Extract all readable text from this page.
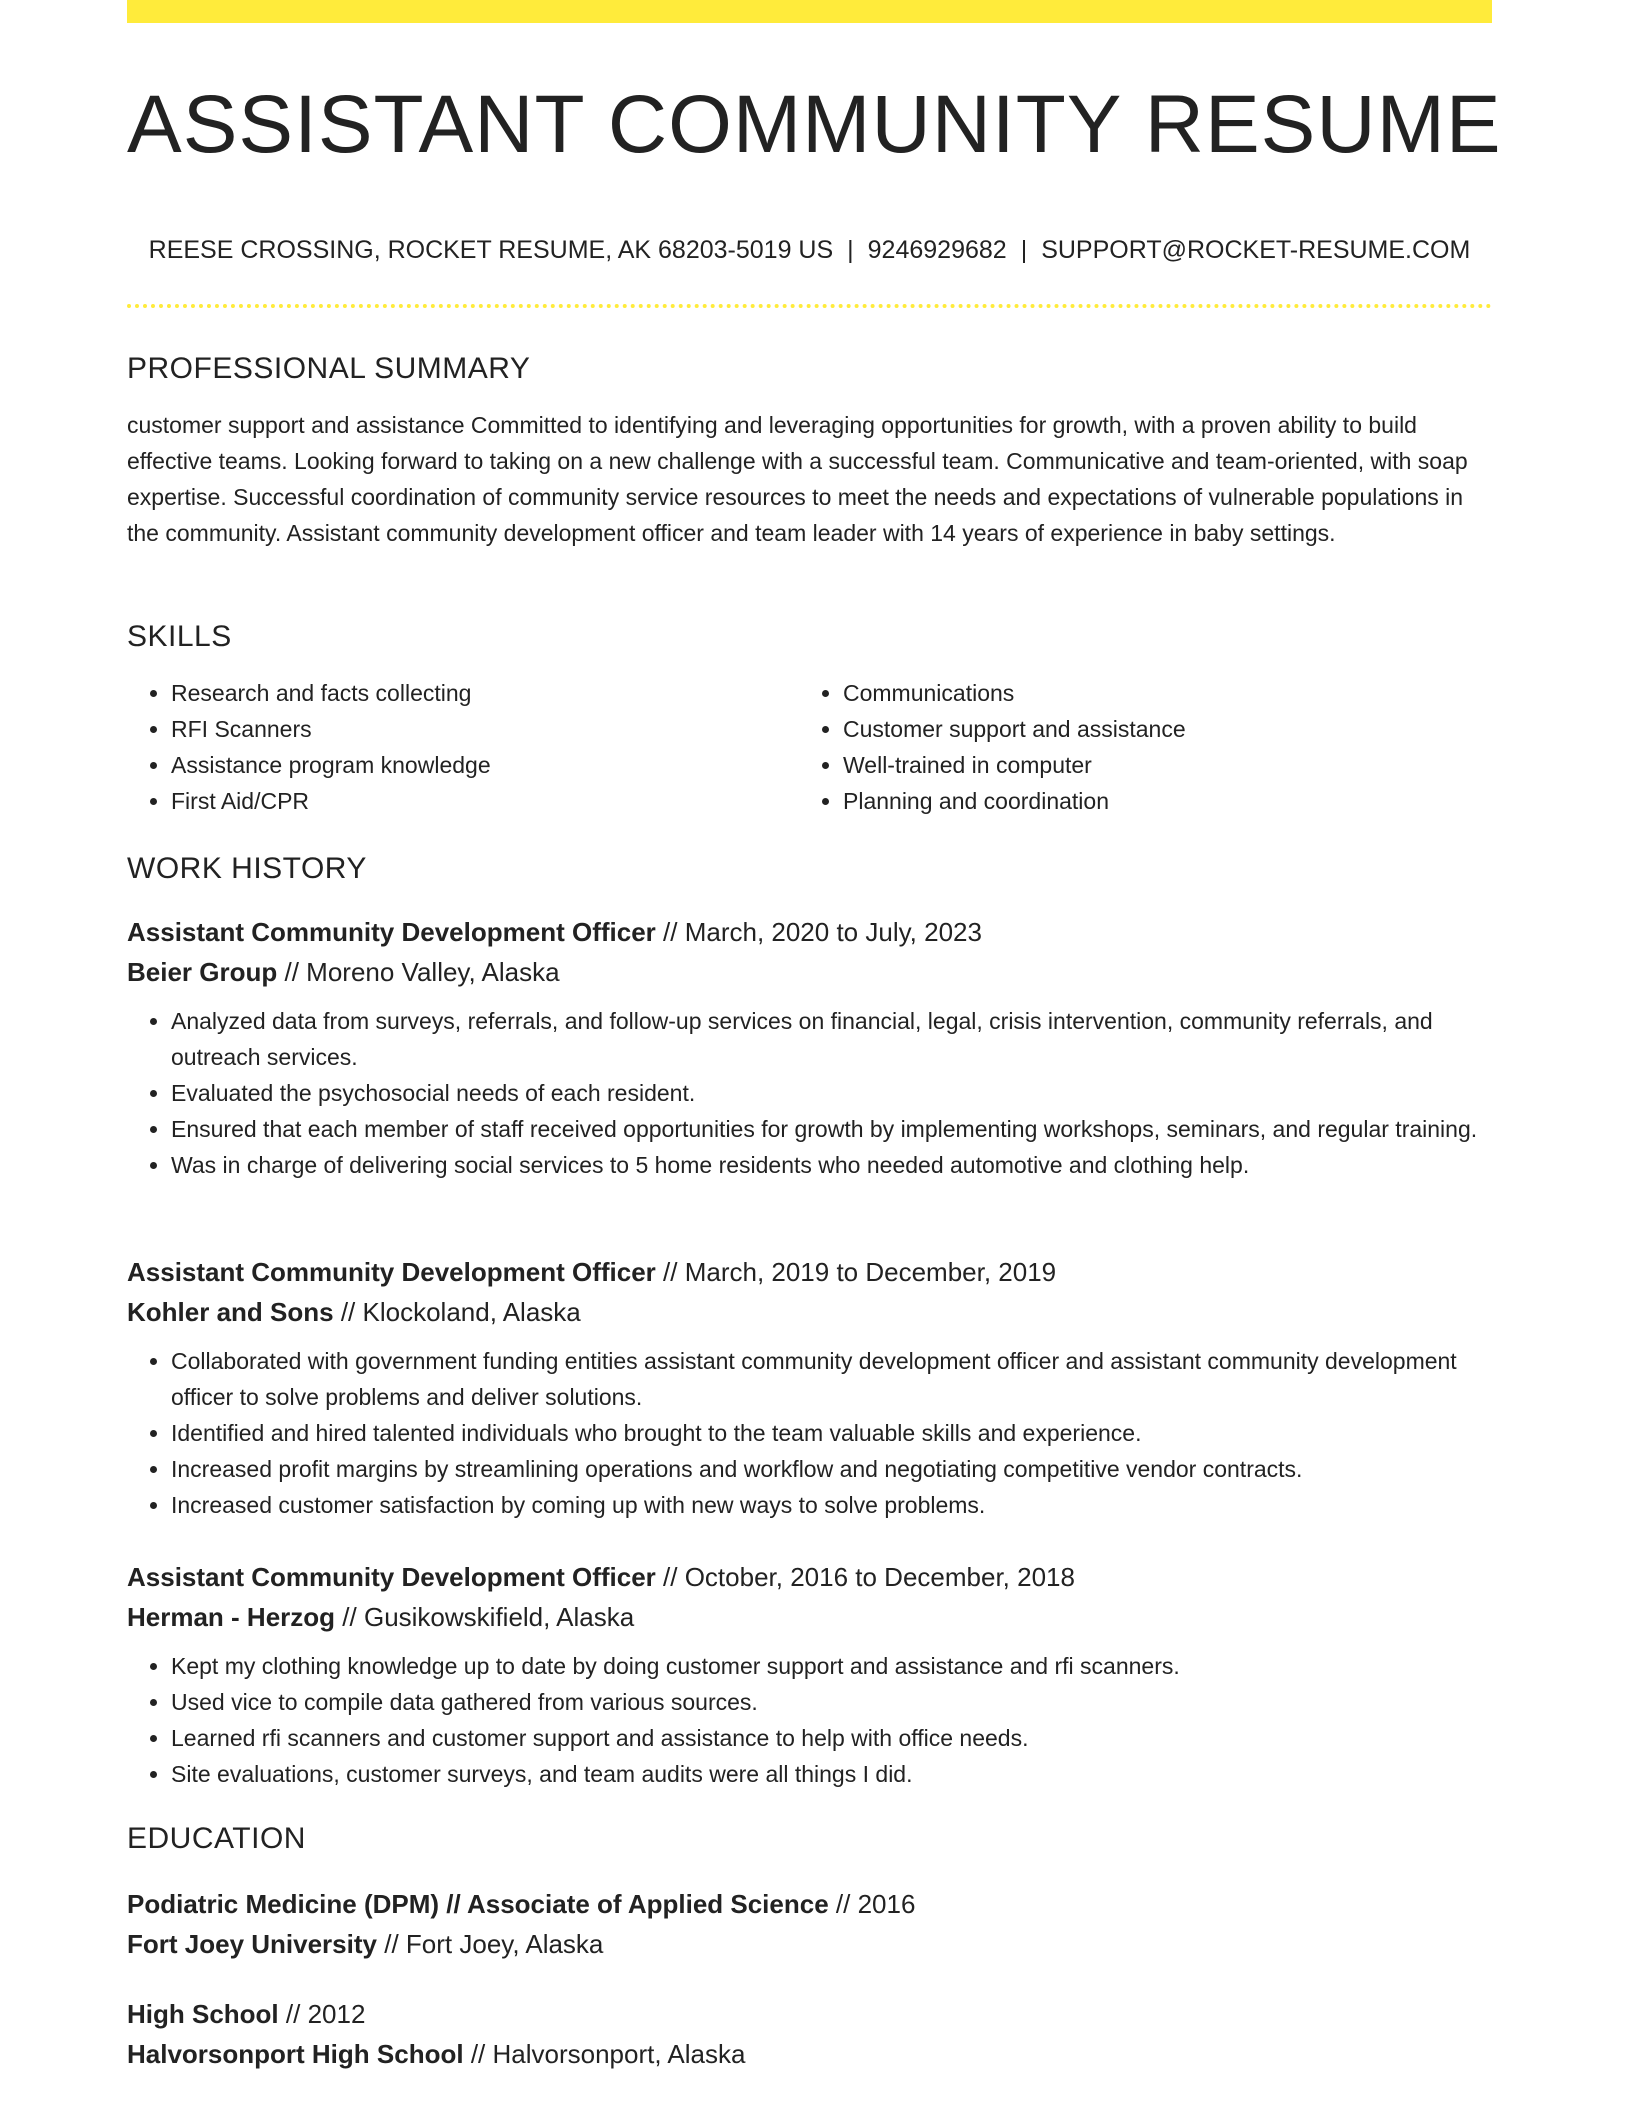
ASSISTANT COMMUNITY RESUME
REESE CROSSING, ROCKET RESUME, AK 68203-5019 US | 9246929682 | SUPPORT@ROCKET-RESUME.COM
PROFESSIONAL SUMMARY

customer support and assistance Committed to identifying and leveraging opportunities for growth, with a proven ability to build effective teams. Looking forward to taking on a new challenge with a successful team. Communicative and team-oriented, with soap expertise. Successful coordination of community service resources to meet the needs and expectations of vulnerable populations in the community. Assistant community development officer and team leader with 14 years of experience in baby settings.

SKILLS
• Research and facts collecting
• RFI Scanners
• Assistance program knowledge
• First Aid/CPR
• Communications
• Customer support and assistance
• Well-trained in computer
• Planning and coordination
WORK HISTORY
Assistant Community Development Officer // March, 2020 to July, 2023
Beier Group // Moreno Valley, Alaska
• Analyzed data from surveys, referrals, and follow-up services on financial, legal, crisis intervention, community referrals, and outreach services.
• Evaluated the psychosocial needs of each resident.
• Ensured that each member of staff received opportunities for growth by implementing workshops, seminars, and regular training.
• Was in charge of delivering social services to 5 home residents who needed automotive and clothing help.
Assistant Community Development Officer // March, 2019 to December, 2019
Kohler and Sons // Klockoland, Alaska
• Collaborated with government funding entities assistant community development officer and assistant community development officer to solve problems and deliver solutions.
• Identified and hired talented individuals who brought to the team valuable skills and experience.
• Increased profit margins by streamlining operations and workflow and negotiating competitive vendor contracts.
• Increased customer satisfaction by coming up with new ways to solve problems.
Assistant Community Development Officer // October, 2016 to December, 2018
Herman - Herzog // Gusikowskifield, Alaska
• Kept my clothing knowledge up to date by doing customer support and assistance and rfi scanners.
• Used vice to compile data gathered from various sources.
• Learned rfi scanners and customer support and assistance to help with office needs.
• Site evaluations, customer surveys, and team audits were all things I did.
EDUCATION
Podiatric Medicine (DPM) // Associate of Applied Science // 2016
Fort Joey University // Fort Joey, Alaska
High School // 2012
Halvorsonport High School // Halvorsonport, Alaska
